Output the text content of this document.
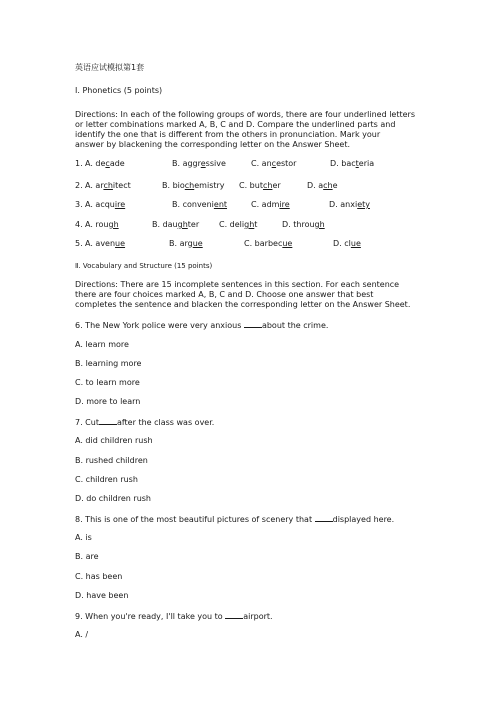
英语应试模拟第1套
Ⅰ. Phonetics (5 points)
Directions: In each of the following groups of words, there are four underlined letters
or letter combinations marked A, B, C and D. Compare the underlined parts and
identify the one that is different from the others in pronunciation. Mark your
answer by blackening the corresponding letter on the Answer Sheet.
1. A. decade	B. aggressive	C. ancestor	D. bacteria
2. A. architect	B. biochemistry C. butcher	D. ache
3. A. acquire	B. convenient	C. admire	D. anxiety
4. A. rough	B. daughter C. delight	D. through
5. A. avenue	B. argue	C. barbecue	D. clue
Ⅱ. Vocabulary and Structure (15 points)
Directions: There are 15 incomplete sentences in this section. For each sentence
there are four choices marked A, B, C and D. Choose one answer that best
completes the sentence and blacken the corresponding letter on the Answer Sheet.
6. The New York police were very anxious about the crime.
A. learn more
B. learning more
C. to learn more
D. more to learn
7. Cut after the class was over.
A. did children rush
B. rushed children
C. children rush
D. do children rush
8. This is one of the most beautiful pictures of scenery that displayed here.
A. is
B. are
C. has been
D. have been
9. When you're ready, I'll take you to airport.
A. /
